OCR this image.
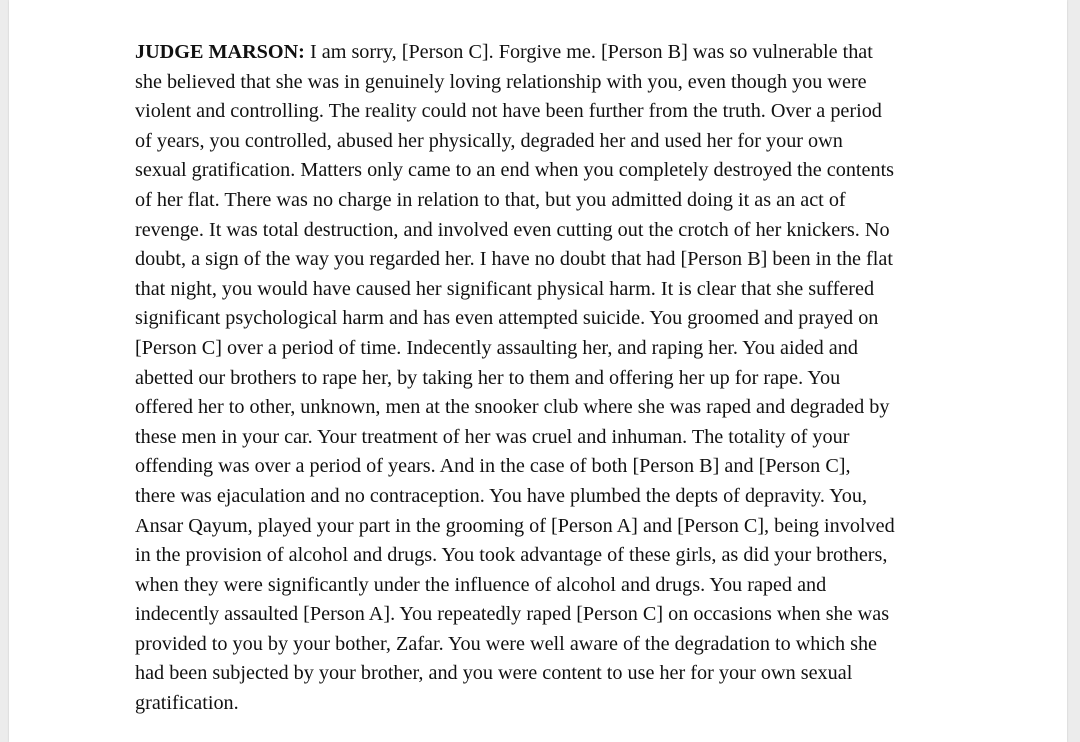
JUDGE MARSON: I am sorry, [Person C]. Forgive me. [Person B] was so vulnerable that
she believed that she was in genuinely loving relationship with you, even though you were
violent and controlling. The reality could not have been further from the truth. Over a period
of years, you controlled, abused her physically, degraded her and used her for your own
sexual gratification. Matters only came to an end when you completely destroyed the contents
of her flat. There was no charge in relation to that, but you admitted doing it as an act of
revenge. It was total destruction, and involved even cutting out the crotch of her knickers. No
doubt, a sign of the way you regarded her. I have no doubt that had [Person B] been in the flat
that night, you would have caused her significant physical harm. It is clear that she suffered
significant psychological harm and has even attempted suicide. You groomed and prayed on
[Person C] over a period of time. Indecently assaulting her, and raping her. You aided and
abetted our brothers to rape her, by taking her to them and offering her up for rape. You
offered her to other, unknown, men at the snooker club where she was raped and degraded by
these men in your car. Your treatment of her was cruel and inhuman. The totality of your
offending was over a period of years. And in the case of both [Person B] and [Person C],
there was ejaculation and no contraception. You have plumbed the depts of depravity. You,
Ansar Qayum, played your part in the grooming of [Person A] and [Person C], being involved
in the provision of alcohol and drugs. You took advantage of these girls, as did your brothers,
when they were significantly under the influence of alcohol and drugs. You raped and
indecently assaulted [Person A]. You repeatedly raped [Person C] on occasions when she was
provided to you by your bother, Zafar. You were well aware of the degradation to which she
had been subjected by your brother, and you were content to use her for your own sexual
gratification.
